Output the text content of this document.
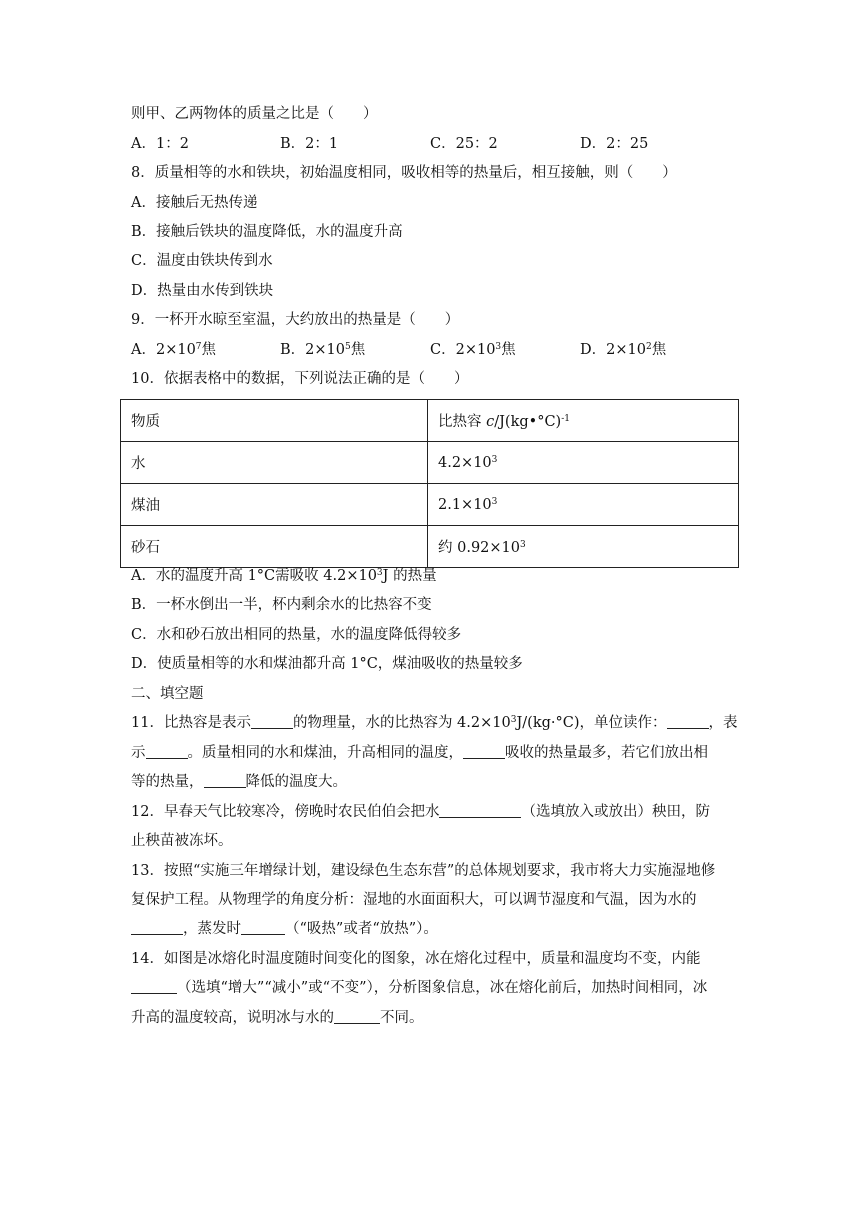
则甲、乙两物体的质量之比是（　　）
A．1：2	B．2：1	C．25：2	D．2：25
8．质量相等的水和铁块，初始温度相同，吸收相等的热量后，相互接触，则（　　）
A．接触后无热传递
B．接触后铁块的温度降低，水的温度升高
C．温度由铁块传到水
D．热量由水传到铁块
9．一杯开水晾至室温，大约放出的热量是（　　）
A．$2\times 10^7$焦	B．$2\times 10^5$焦	C．$2\times 10^3$焦	D．$2\times 10^2$焦
10．依据表格中的数据，下列说法正确的是（　　）
物质	比热容 c/J(kg•°C)$^{-1}$
水	$4.2\times 10^3$
煤油	$2.1\times 10^3$
砂石	约 $0.92\times 10^3$
A．水的温度升高 1°C需吸收 $4.2\times 10^3J$ 的热量
B．一杯水倒出一半，杯内剩余水的比热容不变
C．水和砂石放出相同的热量，水的温度降低得较多
D．使质量相等的水和煤油都升高 1°C，煤油吸收的热量较多
二、填空题
11．比热容是表示	的物理量，水的比热容为 $4.2\times 10^3J/(kg\cdot^\circ C)$，单位读作：	，表
示	。质量相同的水和煤油，升高相同的温度，	吸收的热量最多，若它们放出相
等的热量，	降低的温度大。
12．早春天气比较寒冷，傍晚时农民伯伯会把水	（选填放入或放出）秧田，防
止秧苗被冻坏。
13．按照“实施三年增绿计划，建设绿色生态东营”的总体规划要求，我市将大力实施湿地修
复保护工程。从物理学的角度分析：湿地的水面面积大，可以调节湿度和气温，因为水的
，蒸发时	（“吸热”或者“放热”）。
14．如图是冰熔化时温度随时间变化的图象，冰在熔化过程中，质量和温度均不变，内能
（选填“增大”“减小”或“不变”），分析图象信息，冰在熔化前后，加热时间相同，冰
升高的温度较高，说明冰与水的	不同。
